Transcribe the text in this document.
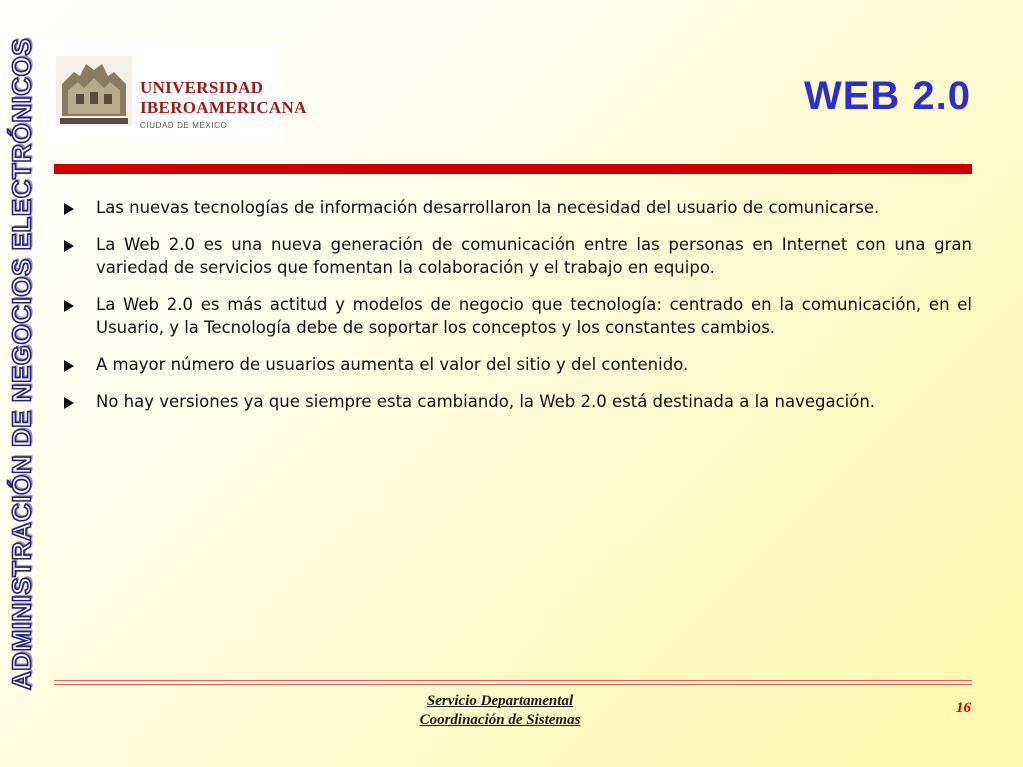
ADMINISTRACIÓN DE NEGOCIOS ELECTRÓNICOS	UNIVERSIDAD
IBEROAMERICANA
CIUDAD DE MÉXICO
WEB 2.0
Las nuevas tecnologías de información desarrollaron la necesidad del usuario de comunicarse.
La Web 2.0 es una nueva generación de comunicación entre las personas en Internet con una gran variedad de servicios que fomentan la colaboración y el trabajo en equipo.
La Web 2.0 es más actitud y modelos de negocio que tecnología: centrado en la comunicación, en el Usuario, y la Tecnología debe de soportar los conceptos y los constantes cambios.
A mayor número de usuarios aumenta el valor del sitio y del contenido.
No hay versiones ya que siempre esta cambiando, la Web 2.0 está destinada a la navegación.
Servicio Departamental
Coordinación de Sistemas
16
